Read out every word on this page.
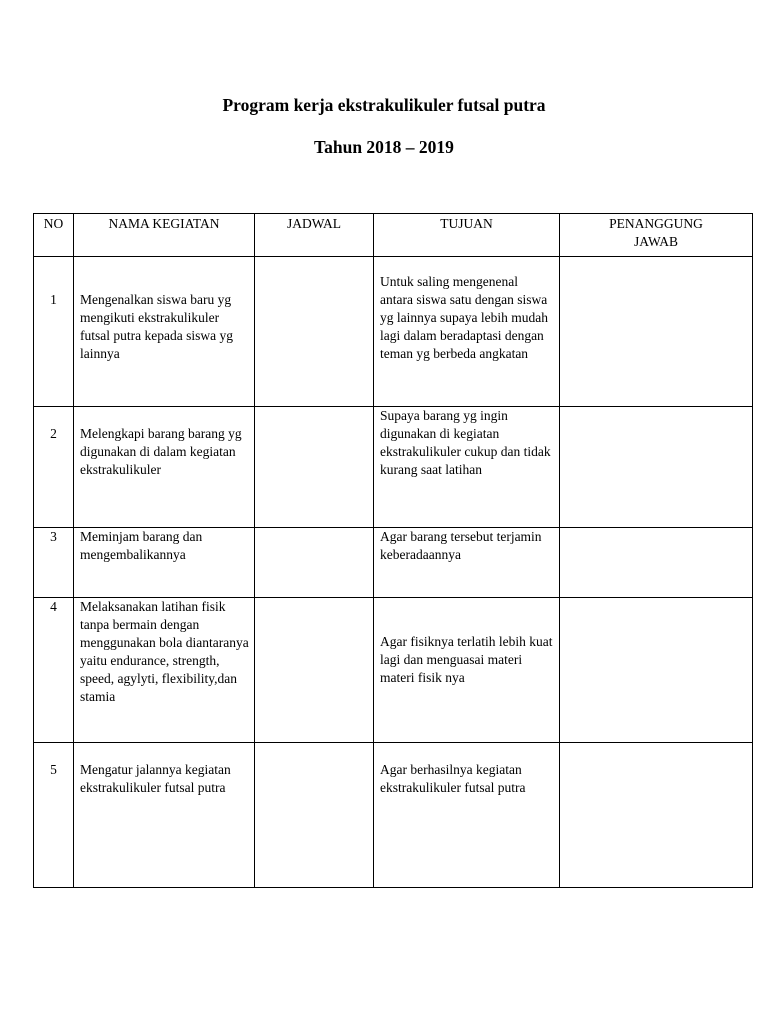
Program kerja ekstrakulikuler futsal putra
Tahun 2018 – 2019
NO	NAMA KEGIATAN	JADWAL	TUJUAN	PENANGGUNG JAWAB

1	Mengenalkan siswa baru yg mengikuti ekstrakulikuler futsal putra kepada siswa yg lainnya		Untuk saling mengenenal antara siswa satu dengan siswa yg lainnya supaya lebih mudah lagi dalam beradaptasi dengan teman yg berbeda angkatan	

2	Melengkapi barang barang yg digunakan di dalam kegiatan ekstrakulikuler		Supaya barang yg ingin digunakan di kegiatan ekstrakulikuler cukup dan tidak kurang saat latihan	

3	Meminjam barang dan mengembalikannya		Agar barang tersebut terjamin keberadaannya	

4	Melaksanakan latihan fisik tanpa bermain dengan menggunakan bola diantaranya yaitu endurance, strength, speed, agylyti, flexibility,dan stamia		Agar fisiknya terlatih lebih kuat lagi dan menguasai materi materi fisik nya	

5	Mengatur jalannya kegiatan ekstrakulikuler futsal putra		Agar berhasilnya kegiatan ekstrakulikuler futsal putra	
